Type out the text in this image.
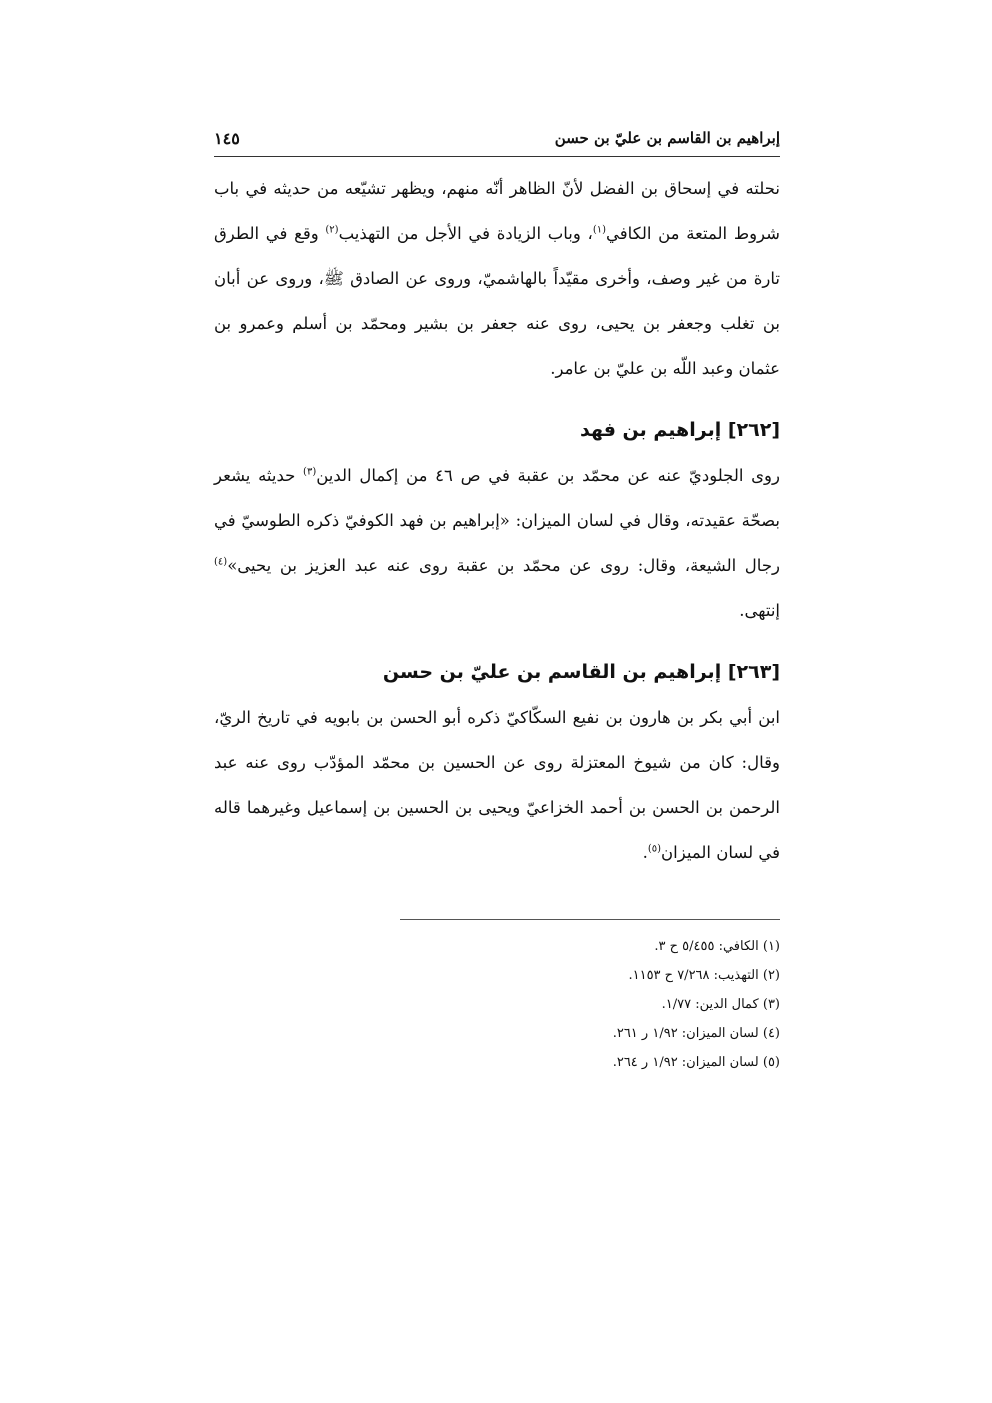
إبراهيم بن القاسم بن عليّ بن حسن
١٤٥

نحلته في إسحاق بن الفضل لأنّ الظاهر أنّه منهم، ويظهر تشيّعه من حديثه في باب شروط المتعة من الكافي$^{(١)}$، وباب الزيادة في الأجل من التهذيب$^{(٢)}$ وقع في الطرق تارة من غير وصف، وأخرى مقيّداً بالهاشميّ، وروى عن الصادق ﷺ، وروى عن أبان بن تغلب وجعفر بن يحيى، روى عنه جعفر بن بشير ومحمّد بن أسلم وعمرو بن عثمان وعبد اللّه بن عليّ بن عامر.

[٢٦٢] إبراهيم بن فهد

روى الجلوديّ عنه عن محمّد بن عقبة في ص ٤٦ من إكمال الدين$^{(٣)}$ حديثه يشعر بصحّة عقيدته، وقال في لسان الميزان: «إبراهيم بن فهد الكوفيّ ذكره الطوسيّ في رجال الشيعة، وقال: روى عن محمّد بن عقبة روى عنه عبد العزيز بن يحيى»$^{(٤)}$ إنتهى.

[٢٦٣] إبراهيم بن القاسم بن عليّ بن حسن

ابن أبي بكر بن هارون بن نفيع السكّاكيّ ذكره أبو الحسن بن بابويه في تاريخ الريّ، وقال: كان من شيوخ المعتزلة روى عن الحسين بن محمّد المؤدّب روى عنه عبد الرحمن بن الحسن بن أحمد الخزاعيّ ويحيى بن الحسين بن إسماعيل وغيرهما قاله في لسان الميزان$^{(٥)}$.

(١) الكافي: ٥/٤٥٥ ح ٣.

(٢) التهذيب: ٧/٢٦٨ ح ١١٥٣.

(٣) كمال الدين: ١/٧٧.

(٤) لسان الميزان: ١/٩٢ ر ٢٦١.

(٥) لسان الميزان: ١/٩٢ ر ٢٦٤.
